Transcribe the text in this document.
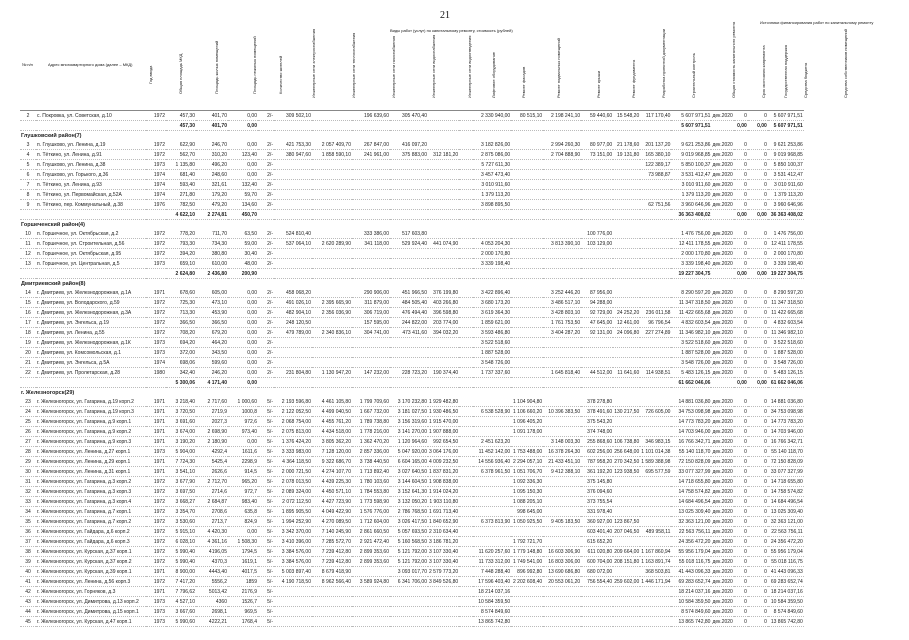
21
№ п/п	Адрес многоквартирного дома (далее – МКД)
Год ввода	Общая площадь МКД	Площадь жилых помещений	Площадь нежилых помещений	Количество жителей
Виды работ (услуг) по капитальному ремонту, стоимость (рублей)
Источники финансирования работ по капитальному ремонту
Инженерные сети электроснабжения	Инженерные сети теплоснабжения	Инженерные сети газоснабжения	Инженерные сети водоснабжения	Инженерные сети водоотведения	Лифтовое оборудование	Ремонт фасадов	Ремонт подвальных помещений	Ремонт крыши	Ремонт фундамента	Разработка проектной документации	Строительный контроль	Общая стоимость капитального ремонта	Срок окончания капремонта	Государственная поддержка	Средства бюджета	Средства собственников помещений
2	с. Покровка, ул. Советская, д.10	1972	457,30	401,70	0,00	2/-	309 502,10		196 639,60	305 470,40			2 330 940,00	80 515,10	2 198 241,10	59 440,60	15 548,20	117 170,40	5 607 971,51	дек.2020	0	0	5 607 971,51
			457,30	401,70	0,00														5 607 971,51		0,00	0,00	5 607 971,51
Глушковский район(7)																							
3	п. Глушково, ул. Ленина, д.19	1972	622,90	246,70	0,00	2/-	421 753,30	2 057 409,70	267 847,00	416 097,20			3 182 826,00		2 994 260,30	80 977,00	21 178,60	201 137,20	9 621 253,86	дек.2020	0	0	9 621 253,86
4	п. Тёткино, ул. Ленина, д.91	1972	562,70	310,20	123,40	2/-	380 947,60	1 858 590,10	241 961,00	375 883,00	312 181,20		2 875 086,00		2 704 888,90	73 151,00	19 131,80	165 380,10	9 019 968,85	дек.2020	0	0	9 019 968,85
5	п. Глушково, ул. Ленина, д.38	1973	1 135,80	496,20	0,00	2/-							5 727 611,30					122 389,17	5 850 100,37	дек.2020	0	0	5 850 100,37
6	п. Глушково, ул. Горького, д.36	1974	681,40	248,60	0,00	2/-							3 457 473,40					73 988,87	3 531 412,47	дек.2020	0	0	3 531 412,47
7	п. Тёткино, ул. Ленина, д.93	1974	593,40	321,61	132,40	2/-							3 010 911,60						3 010 911,60	дек.2020	0	0	3 010 911,60
8	п. Тёткино, ул. Первомайская, д.52А	1974	271,80	179,20	59,70	2/-							1 379 113,20						1 379 113,20	дек.2020	0	0	1 379 113,20
9	п. Тёткино, пер. Коммунальный, д.38	1976	782,50	479,20	134,60	2/-							3 898 895,50					62 751,56	3 960 646,96	дек.2020	0	0	3 960 646,96
			4 622,10	2 274,81	450,70														36 363 408,02		0,00	0,00	36 363 408,02
Горшеченский район(4)																							
10	п. Горшечное, ул. Октябрьская, д.2	1972	778,20	711,70	63,50	2/-	524 810,40		333 386,00	517 603,80						100 776,00			1 476 756,00	дек.2020	0	0	1 476 756,00
11	п. Горшечное, ул. Строительная, д.56	1972	793,30	734,30	59,00	2/-	537 064,10	2 620 289,90	341 118,00	529 924,40	441 074,90		4 053 204,30		3 813 390,10	103 129,00			12 411 178,55	дек.2020	0	0	12 411 178,55
12	п. Горшечное, ул. Октябрьская, д.95	1972	394,20	380,80	30,40	2/-							2 000 170,80						2 000 170,80	дек.2020	0	0	2 000 170,80
13	п. Горшечное, ул. Центральная, д.5	1973	659,10	610,00	48,00	2/-							3 339 198,40						3 339 198,40	дек.2020	0	0	3 339 198,40
			2 624,80	2 436,80	200,90														19 227 304,75		0,00	0,00	19 227 304,75
Дмитриевский район(8)																							
14	г. Дмитриев, ул. Железнодорожная, д.1А	1971	678,60	605,00	0,00	2/-	458 068,20		290 906,00	451 966,50	376 199,80		3 422 896,40		3 252 446,20	87 956,00			8 290 597,20	дек.2020	0	0	8 290 597,20
15	г. Дмитриев, ул. Володарского, д.59	1972	725,30	473,10	0,00	2/-	491 026,10	2 395 665,90	311 879,00	484 505,40	403 266,80		3 680 173,20		3 486 517,10	94 288,00			11 347 318,50	дек.2020	0	0	11 347 318,50
16	г. Дмитриев, ул. Железнодорожная, д.3А	1972	713,30	453,90	0,00	2/-	482 904,10	2 356 036,90	306 719,00	476 494,40	396 598,80		3 619 364,30		3 428 803,10	92 729,00	24 252,20	236 011,58	11 422 665,68	дек.2020	0	0	11 422 665,68
17	г. Дмитриев, ул. Энгельса, д.19	1972	366,50	366,50	0,00	2/-	248 120,50		157 595,00	244 822,00	203 774,00		1 859 621,00		1 761 753,50	47 645,00	12 461,00	96 796,54	4 832 603,54	дек.2020	0	0	4 832 603,54
18	г. Дмитриев, ул. Ленина, д.55	1972	708,20	679,20	0,00	2/-	479 789,00	2 340 836,10	304 741,00	473 411,60	394 032,20		3 593 486,80		3 404 287,20	92 131,00	24 096,80	227 274,89	11 346 982,10	дек.2020	0	0	11 346 982,10
19	г. Дмитриев, ул. Железнодорожная, д.1К	1973	694,20	464,20	0,00	2/-							3 522 518,60						3 522 518,60	дек.2020	0	0	3 522 518,60
20	г. Дмитриев, ул. Комсомольская, д.1	1973	372,00	343,50	0,00	2/-							1 887 528,00						1 887 528,00	дек.2020	0	0	1 887 528,00
21	г. Дмитриев, ул. Энгельса, д.5А	1974	698,06	599,60	0,00	2/-							3 548 726,00						3 548 726,00	дек.2020	0	0	3 548 726,00
22	г. Дмитриев, ул. Пролетарская, д.28	1980	342,40	246,20	0,00	2/-	231 804,80	1 130 947,20	147 232,00	228 723,20	190 374,40		1 737 337,60		1 645 818,40	44 512,00	11 641,60	114 938,51	5 483 126,15	дек.2020	0	0	5 483 126,15
			5 300,06	4 171,40	0,00														61 662 046,06		0,00	0,00	61 662 046,06
г. Железногорск(29)																							
23	г. Железногорск, ул. Гагарина, д.19 корп.2	1971	3 218,40	2 717,60	1 000,60	5/-	2 193 596,80	4 461 105,80	1 799 709,60	3 170 232,80	1 929 482,80			1 104 904,80		378 278,80			14 881 036,80	дек.2020	0	0	14 881 036,80
24	г. Железногорск, ул. Гагарина, д.19 корп.3	1971	3 720,50	2719,9	1000,8	5/-	2 122 052,50	4 499 040,50	1 667 732,00	3 181 027,50	1 930 486,50		6 538 528,90	1 106 660,20	10 396 383,50	378 491,60	130 217,50	726 605,00	34 753 098,98	дек.2020	0	0	34 753 098,98
25	г. Железногорск, ул. Гагарина, д.9 корп.1	1971	3 691,60	2027,3	972,6	5/-	2 068 754,00	4 455 761,20	1 789 738,80	3 156 319,60	1 915 470,00			1 096 405,20		375 543,20			14 773 783,20	дек.2020	0	0	14 773 783,20
26	г. Железногорск, ул. Гагарина, д.9 корп.2	1971	3 674,00	2 698,90	973,40	5/-	2 075 813,00	4 434 518,00	1 778 216,00	3 141 270,00	1 907 888,00			1 091 178,00		374 748,00			14 703 946,00	дек.2020	0	0	14 703 946,00
27	г. Железногорск, ул. Гагарина, д.9 корп.3	1971	3 190,20	2 180,90	0,00	5/-	1 376 424,20	3 805 362,20	1 362 470,20	1 120 964,60	992 654,50		2 451 623,20		3 148 003,30	255 868,60	106 738,80	346 983,15	16 766 342,71	дек.2020	0	0	16 766 342,71
28	г. Железногорск, ул. Ленина, д.27 корп.1	1973	5 904,00	4292,4	1611,6	5/-	3 333 983,00	7 128 120,00	2 857 336,00	5 047 920,00	3 064 176,00		11 452 142,00	1 753 488,00	16 378 264,30	602 256,00	256 648,00	1 101 014,38	55 140 118,70	дек.2020	0	0	55 140 118,70
29	г. Железногорск, ул. Ленина, д.29 корп.1	1971	7 724,30	5425,4	2298,9	5/-	4 364 118,50	9 322 686,70	3 738 440,50	6 604 165,00	4 009 232,50		14 556 936,40	2 294 057,10	21 433 451,10	787 958,20	270 342,50	1 589 388,98	72 150 828,09	дек.2020	0	0	72 150 828,09
30	г. Железногорск, ул. Ленина, д.31 корп.1	1971	3 541,10	2626,6	914,5	5/-	2 000 721,50	4 274 107,70	1 713 892,40	3 027 640,50	1 837 831,20		6 378 961,50	1 051 706,70	9 412 388,10	361 192,20	123 938,50	695 577,59	33 077 327,99	дек.2020	0	0	33 077 327,99
31	г. Железногорск, ул. Гагарина, д.3 корп.2	1972	3 677,90	2 712,70	965,20	5/-	2 078 013,50	4 439 225,30	1 780 103,60	3 144 604,50	1 908 838,00			1 092 336,30		375 145,80			14 718 655,80	дек.2020	0	0	14 718 655,80
32	г. Железногорск, ул. Гагарина, д.3 корп.3	1972	3 697,50	2714,6	972,7	5/-	2 089 324,00	4 450 571,10	1 784 553,80	3 152 641,30	1 914 024,20			1 095 150,30		376 094,60			14 758 574,82	дек.2020	0	0	14 758 574,82
33	г. Железногорск, ул. Гагарина, д.3 корп.4	1972	3 668,27	2 684,87	983,40	5/-	2 072 112,50	4 427 723,90	1 773 598,90	3 132 050,20	1 903 110,80			1 088 205,10		373 755,54			14 684 496,54	дек.2020	0	0	14 684 496,54
34	г. Железногорск, ул. Гагарина, д.7 корп.1	1972	3 354,70	2708,6	635,8	5/-	1 895 905,50	4 049 422,90	1 576 776,00	2 786 768,50	1 691 713,40			998 645,00		331 978,40			13 025 309,40	дек.2020	0	0	13 025 309,40
35	г. Железногорск, ул. Гагарина, д.7 корп.2	1972	3 530,60	2713,7	824,9	5/-	1 994 252,90	4 270 089,50	1 712 604,00	3 026 417,50	1 840 652,90		6 373 813,90	1 050 925,50	9 405 183,50	360 927,00	123 867,50		32 363 121,00	дек.2020	0	0	32 363 121,00
36	г. Железногорск, ул. Гайдара, д.6 корп.2	1972	5 915,10	4 420,30	0,00	5/-	3 342 370,00	7 140 245,90	2 861 660,50	5 057 693,50	2 310 634,40					603 401,40	207 046,50	489 958,11	22 563 756,11	дек.2020	0	0	22 563 756,11
37	г. Железногорск, ул. Гайдара, д.6 корп.3	1972	6 028,10	4 361,16	1 508,30	5/-	3 410 396,00	7 285 572,70	2 921 472,40	5 160 568,50	3 186 781,20			1 792 721,70		615 652,20			24 356 472,20	дек.2020	0	0	24 356 472,20
38	г. Железногорск, ул. Курская, д.37 корп.1	1972	5 990,40	4196,05	1794,5	5/-	3 384 576,00	7 239 412,80	2 899 353,60	5 121 792,00	3 107 330,40		11 620 257,60	1 779 148,80	16 603 306,90	611 020,80	209 664,00	1 167 860,94	55 956 179,04	дек.2020	0	0	55 956 179,04
39	г. Железногорск, ул. Курская, д.37 корп.2	1972	5 990,40	4370,3	1619,1	5/-	3 384 576,00	7 239 412,80	2 899 353,60	5 121 792,00	3 107 330,40		11 733 312,00	1 749 541,00	16 803 306,00	600 704,00	208 151,80	1 163 891,74	55 018 116,75	дек.2020	0	0	55 018 116,75
40	г. Железногорск, ул. Курская, д.39 корп.1	1971	8 900,00	4443,40	4017,5	5/-	5 003 897,40	8 679 418,90		3 093 017,70	2 579 773,20		7 448 288,40	896 992,80	13 690 686,80	680 072,00		368 503,81	41 443 096,33	дек.2020	0	0	41 443 096,33
41	г. Железногорск, ул. Ленина, д.56 корп.3	1972	7 417,20	5556,2	1859	5/-	4 190 718,50	8 962 566,40	3 589 924,80	6 341 706,00	3 849 526,80		17 596 403,40	2 202 608,40	20 553 061,20	756 554,40	259 602,00	1 446 171,94	69 283 652,74	дек.2020	0	0	69 283 652,74
42	г. Железногорск, ул. Горняков, д.3	1971	7 796,62	5013,42	2176,9	5/-							18 214 037,16						18 214 037,16	дек.2020	0	0	18 214 037,16
43	г. Железногорск, ул. Димитрова, д.13 корп.2	1973	4 527,10	4360	1526,7	5/-							10 584 359,50						10 584 359,50	дек.2020	0	0	10 584 359,50
44	г. Железногорск, ул. Димитрова, д.15 корп.1	1973	3 667,60	2698,1	969,5	5/-							8 574 849,60						8 574 849,60	дек.2020	0	0	8 574 849,60
45	г. Железногорск, ул. Курская, д.47 корп.1	1973	5 990,60	4222,21	1768,4	5/-							13 865 742,80						13 865 742,80	дек.2020	0	0	13 865 742,80
